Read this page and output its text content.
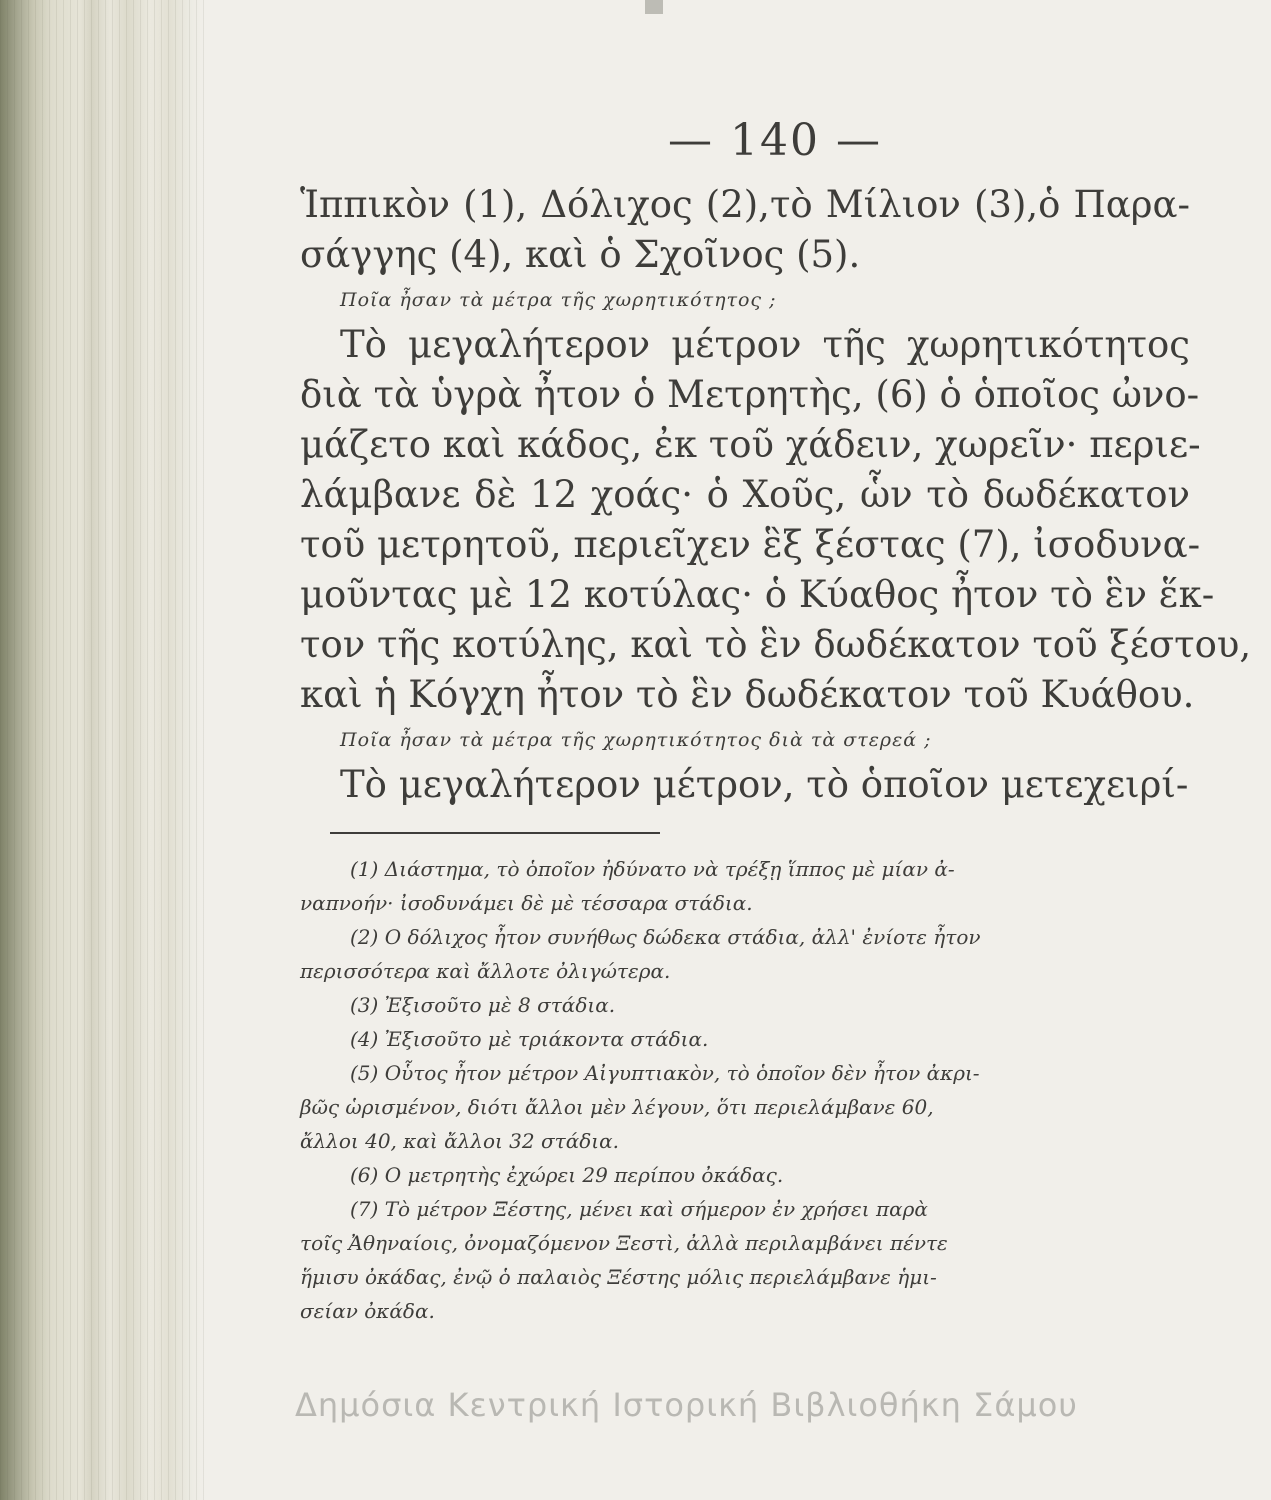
— 140 —

Ἱππικὸν (1), Δόλιχος (2),τὸ Μίλιον (3),ὁ Παρα-

σάγγης (4), καὶ ὁ Σχοῖνος (5).

Ποῖα ἦσαν τὰ μέτρα τῆς χωρητικότητος ;

Τὸ μεγαλήτερον μέτρον τῆς χωρητικότητος

διὰ τὰ ὑγρὰ ἦτον ὁ Μετρητὴς, (6) ὁ ὁποῖος ὠνο-

μάζετο καὶ κάδος, ἐκ τοῦ χάδειν, χωρεῖν· περιε-

λάμβανε δὲ 12 χοάς· ὁ Χοῦς, ὧν τὸ δωδέκατον

τοῦ μετρητοῦ, περιεῖχεν ἓξ ξέστας (7), ἰσοδυνα-

μοῦντας μὲ 12 κοτύλας· ὁ Κύαθος ἦτον τὸ ἓν ἕκ-

τον τῆς κοτύλης, καὶ τὸ ἓν δωδέκατον τοῦ ξέστου,

καὶ ἡ Κόγχη ἦτον τὸ ἓν δωδέκατον τοῦ Κυάθου.

Ποῖα ἦσαν τὰ μέτρα τῆς χωρητικότητος διὰ τὰ στερεά ;

Τὸ μεγαλήτερον μέτρον, τὸ ὁποῖον μετεχειρί-

(1) Διάστημα, τὸ ὁποῖον ἠδύνατο νὰ τρέξῃ ἵππος μὲ μίαν ἀ-

ναπνοήν· ἰσοδυνάμει δὲ μὲ τέσσαρα στάδια.

(2) Ο δόλιχος ἦτον συνήθως δώδεκα στάδια, ἀλλ' ἐνίοτε ἦτον

περισσότερα καὶ ἄλλοτε ὀλιγώτερα.

(3) Ἐξισοῦτο μὲ 8 στάδια.

(4) Ἐξισοῦτο μὲ τριάκοντα στάδια.

(5) Οὗτος ἦτον μέτρον Αἰγυπτιακὸν, τὸ ὁποῖον δὲν ἦτον ἀκρι-

βῶς ὡρισμένον, διότι ἄλλοι μὲν λέγουν, ὅτι περιελάμβανε 60,

ἄλλοι 40, καὶ ἄλλοι 32 στάδια.

(6) Ο μετρητὴς ἐχώρει 29 περίπου ὀκάδας.

(7) Τὸ μέτρον Ξέστης, μένει καὶ σήμερον ἐν χρήσει παρὰ

τοῖς Ἀθηναίοις, ὀνομαζόμενον Ξεστὶ, ἀλλὰ περιλαμβάνει πέντε

ἥμισυ ὀκάδας, ἐνῷ ὁ παλαιὸς Ξέστης μόλις περιελάμβανε ἡμι-

σείαν ὀκάδα.

Δημόσια Κεντρική Ιστορική Βιβλιοθήκη Σάμου
